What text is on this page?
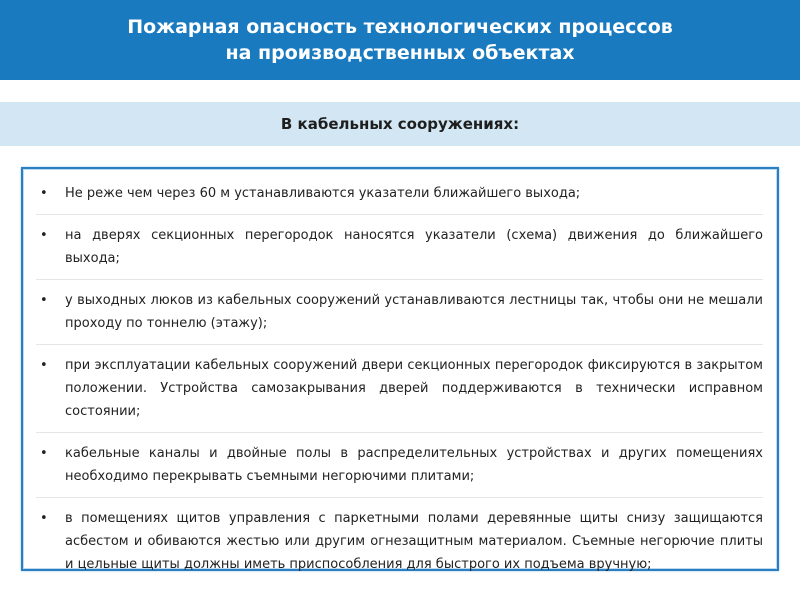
Пожарная опасность технологических процессов
на производственных объектах
В кабельных сооружениях:
• Не реже чем через 60 м устанавливаются указатели ближайшего выхода;
• на дверях секционных перегородок наносятся указатели (схема) движения до ближайшего выхода;
• у выходных люков из кабельных сооружений устанавливаются лестницы так, чтобы они не мешали проходу по тоннелю (этажу);
• при эксплуатации кабельных сооружений двери секционных перегородок фиксируются в закрытом положении. Устройства самозакрывания дверей поддерживаются в технически исправном состоянии;
• кабельные каналы и двойные полы в распределительных устройствах и других помещениях необходимо перекрывать съемными негорючими плитами;
• в помещениях щитов управления с паркетными полами деревянные щиты снизу защищаются асбестом и обиваются жестью или другим огнезащитным материалом. Съемные негорючие плиты и цельные щиты должны иметь приспособления для быстрого их подъема вручную;
